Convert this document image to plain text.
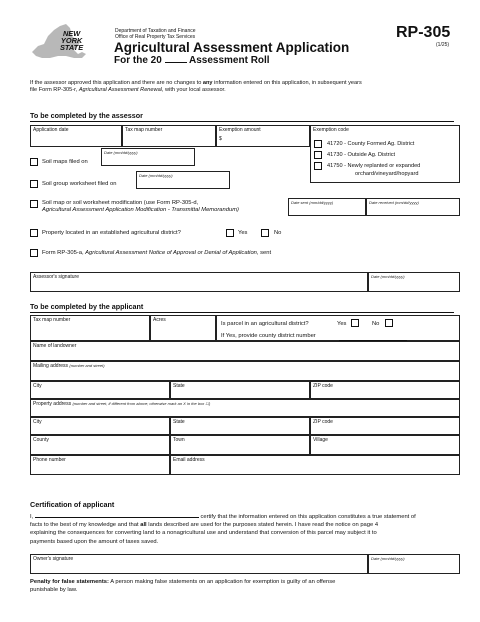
NEW
YORK
STATE
Department of Taxation and Finance
Office of Real Property Tax Services
Agricultural Assessment Application
For the 20	Assessment Roll
RP-305
(1/25)
If the assessor approved this application and there are no changes to any information entered on this application, in subsequent years
file Form RP-305-r, Agricultural Assessment Renewal, with your local assessor.
To be completed by the assessor
Application date	Tax map number	Exemption amount
$
Exemption code
41720 - County Formed Ag. District
41730 - Outside Ag. District
41750 - Newly replanted or expanded
orchard/vineyard/hopyard
Soil maps filed on
Date (mm/dd/yyyy)
Soil group worksheet filed on
Date (mm/dd/yyyy)
Soil map or soil worksheet modification (use Form RP-305-d,
Agricultural Assessment Application Modification - Transmittal Memorandum)
Date sent (mm/dd/yyyy)	Date received (mm/dd/yyyy)
Property located in an established agricultural district?	Yes	No
Form RP-305-a, Agricultural Assessment Notice of Approval or Denial of Application, sent
Assessor's signature	Date (mm/dd/yyyy)
To be completed by the applicant
Tax map number	Acres
Is parcel in an agricultural district?	Yes	No
If Yes, provide county district number
Name of landowner
Mailing address (number and street)
City	State	ZIP code
Property address (number and street, if different from above; otherwise mark an X in the box ☐)
City	State	ZIP code
County	Town	Village
Phone number	Email address
Certification of applicant
I,	certify that the information entered on this application constitutes a true statement of
facts to the best of my knowledge and that all lands described are used for the purposes stated herein. I have read the notice on page 4
explaining the consequences for converting land to a nonagricultural use and understand that conversion of this parcel may subject it to
payments based upon the amount of taxes saved.
Owner's signature	Date (mm/dd/yyyy)
Penalty for false statements: A person making false statements on an application for exemption is guilty of an offense
punishable by law.
